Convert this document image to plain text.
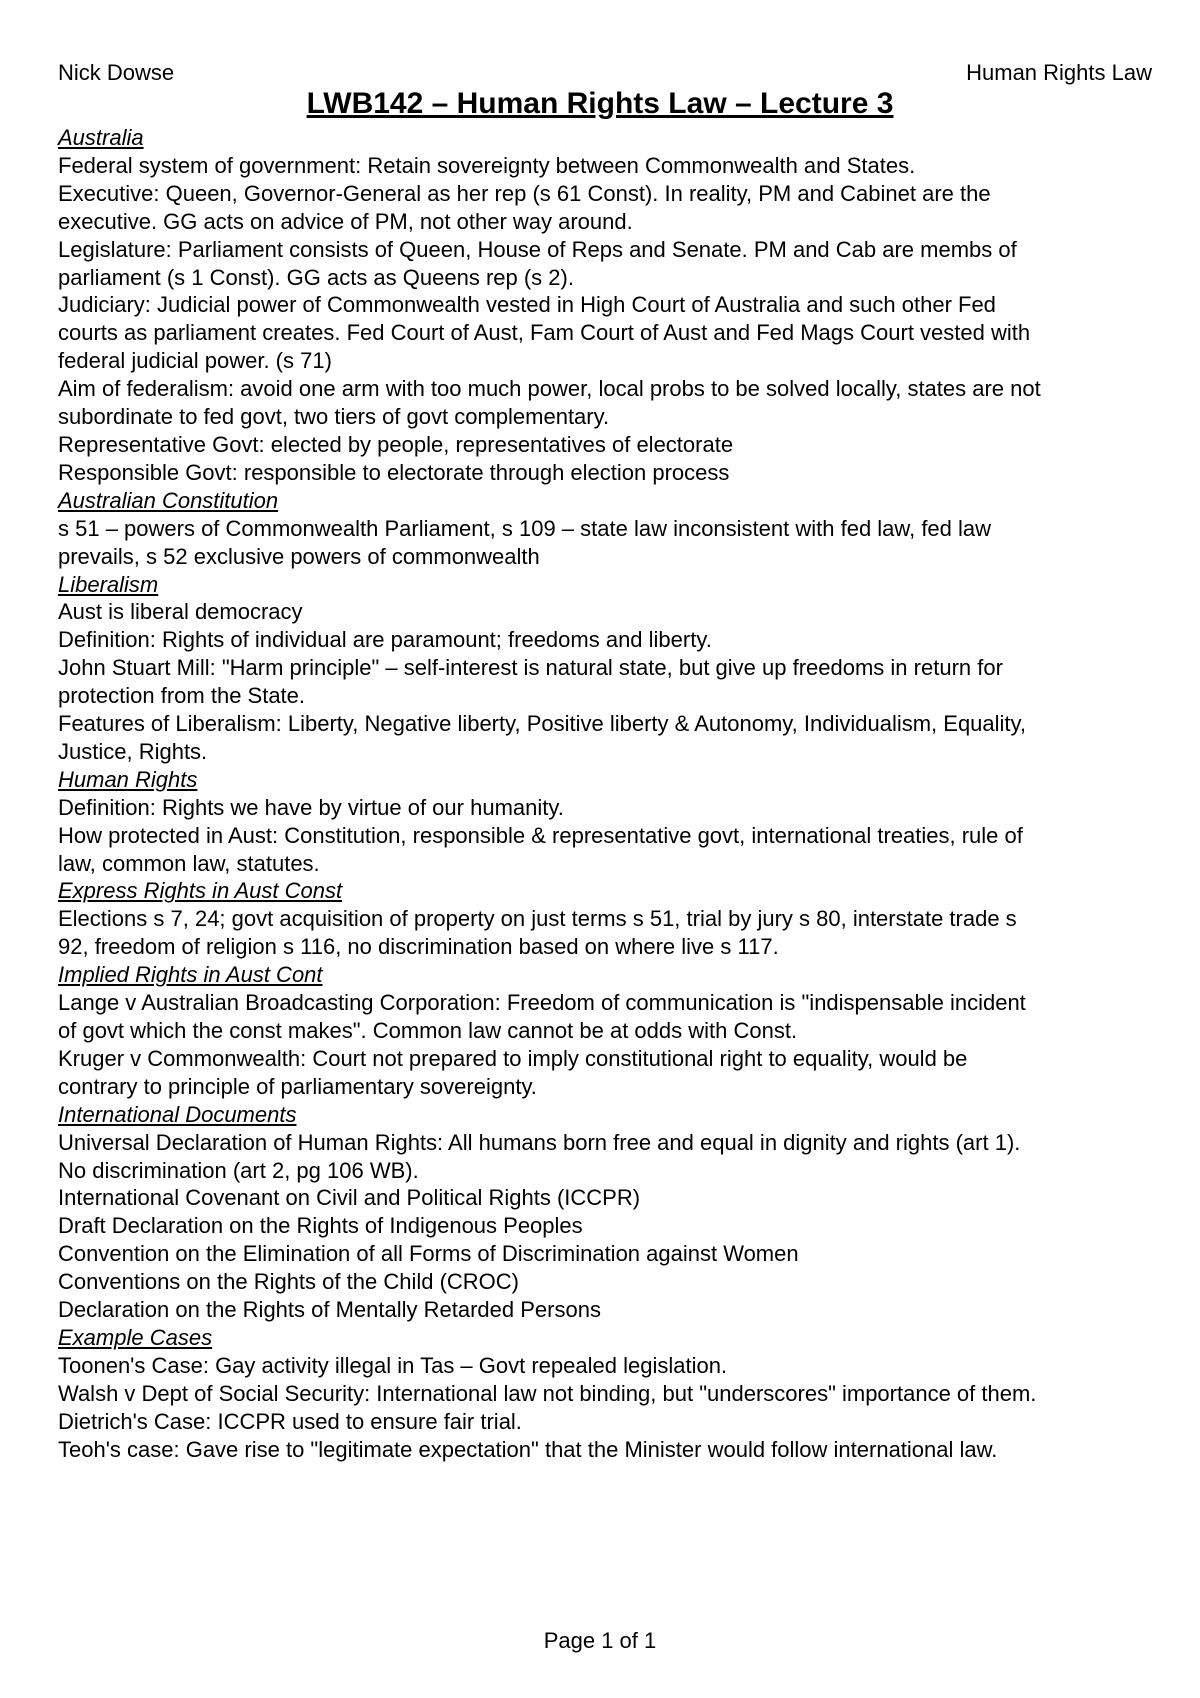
Nick Dowse	Human Rights Law
LWB142 – Human Rights Law – Lecture 3
Australia
Federal system of government: Retain sovereignty between Commonwealth and States.
Executive: Queen, Governor-General as her rep (s 61 Const). In reality, PM and Cabinet are the
executive. GG acts on advice of PM, not other way around.
Legislature: Parliament consists of Queen, House of Reps and Senate. PM and Cab are membs of
parliament (s 1 Const). GG acts as Queens rep (s 2).
Judiciary: Judicial power of Commonwealth vested in High Court of Australia and such other Fed
courts as parliament creates. Fed Court of Aust, Fam Court of Aust and Fed Mags Court vested with
federal judicial power. (s 71)
Aim of federalism: avoid one arm with too much power, local probs to be solved locally, states are not
subordinate to fed govt, two tiers of govt complementary.
Representative Govt: elected by people, representatives of electorate
Responsible Govt: responsible to electorate through election process
Australian Constitution
s 51 – powers of Commonwealth Parliament, s 109 – state law inconsistent with fed law, fed law
prevails, s 52 exclusive powers of commonwealth
Liberalism
Aust is liberal democracy
Definition: Rights of individual are paramount; freedoms and liberty.
John Stuart Mill: "Harm principle" – self-interest is natural state, but give up freedoms in return for
protection from the State.
Features of Liberalism: Liberty, Negative liberty, Positive liberty & Autonomy, Individualism, Equality,
Justice, Rights.
Human Rights
Definition: Rights we have by virtue of our humanity.
How protected in Aust: Constitution, responsible & representative govt, international treaties, rule of
law, common law, statutes.
Express Rights in Aust Const
Elections s 7, 24; govt acquisition of property on just terms s 51, trial by jury s 80, interstate trade s
92, freedom of religion s 116, no discrimination based on where live s 117.
Implied Rights in Aust Cont
Lange v Australian Broadcasting Corporation: Freedom of communication is "indispensable incident
of govt which the const makes". Common law cannot be at odds with Const.
Kruger v Commonwealth: Court not prepared to imply constitutional right to equality, would be
contrary to principle of parliamentary sovereignty.
International Documents
Universal Declaration of Human Rights: All humans born free and equal in dignity and rights (art 1).
No discrimination (art 2, pg 106 WB).
International Covenant on Civil and Political Rights (ICCPR)
Draft Declaration on the Rights of Indigenous Peoples
Convention on the Elimination of all Forms of Discrimination against Women
Conventions on the Rights of the Child (CROC)
Declaration on the Rights of Mentally Retarded Persons
Example Cases
Toonen's Case: Gay activity illegal in Tas – Govt repealed legislation.
Walsh v Dept of Social Security: International law not binding, but "underscores" importance of them.
Dietrich's Case: ICCPR used to ensure fair trial.
Teoh's case: Gave rise to "legitimate expectation" that the Minister would follow international law.
Page 1 of 1
